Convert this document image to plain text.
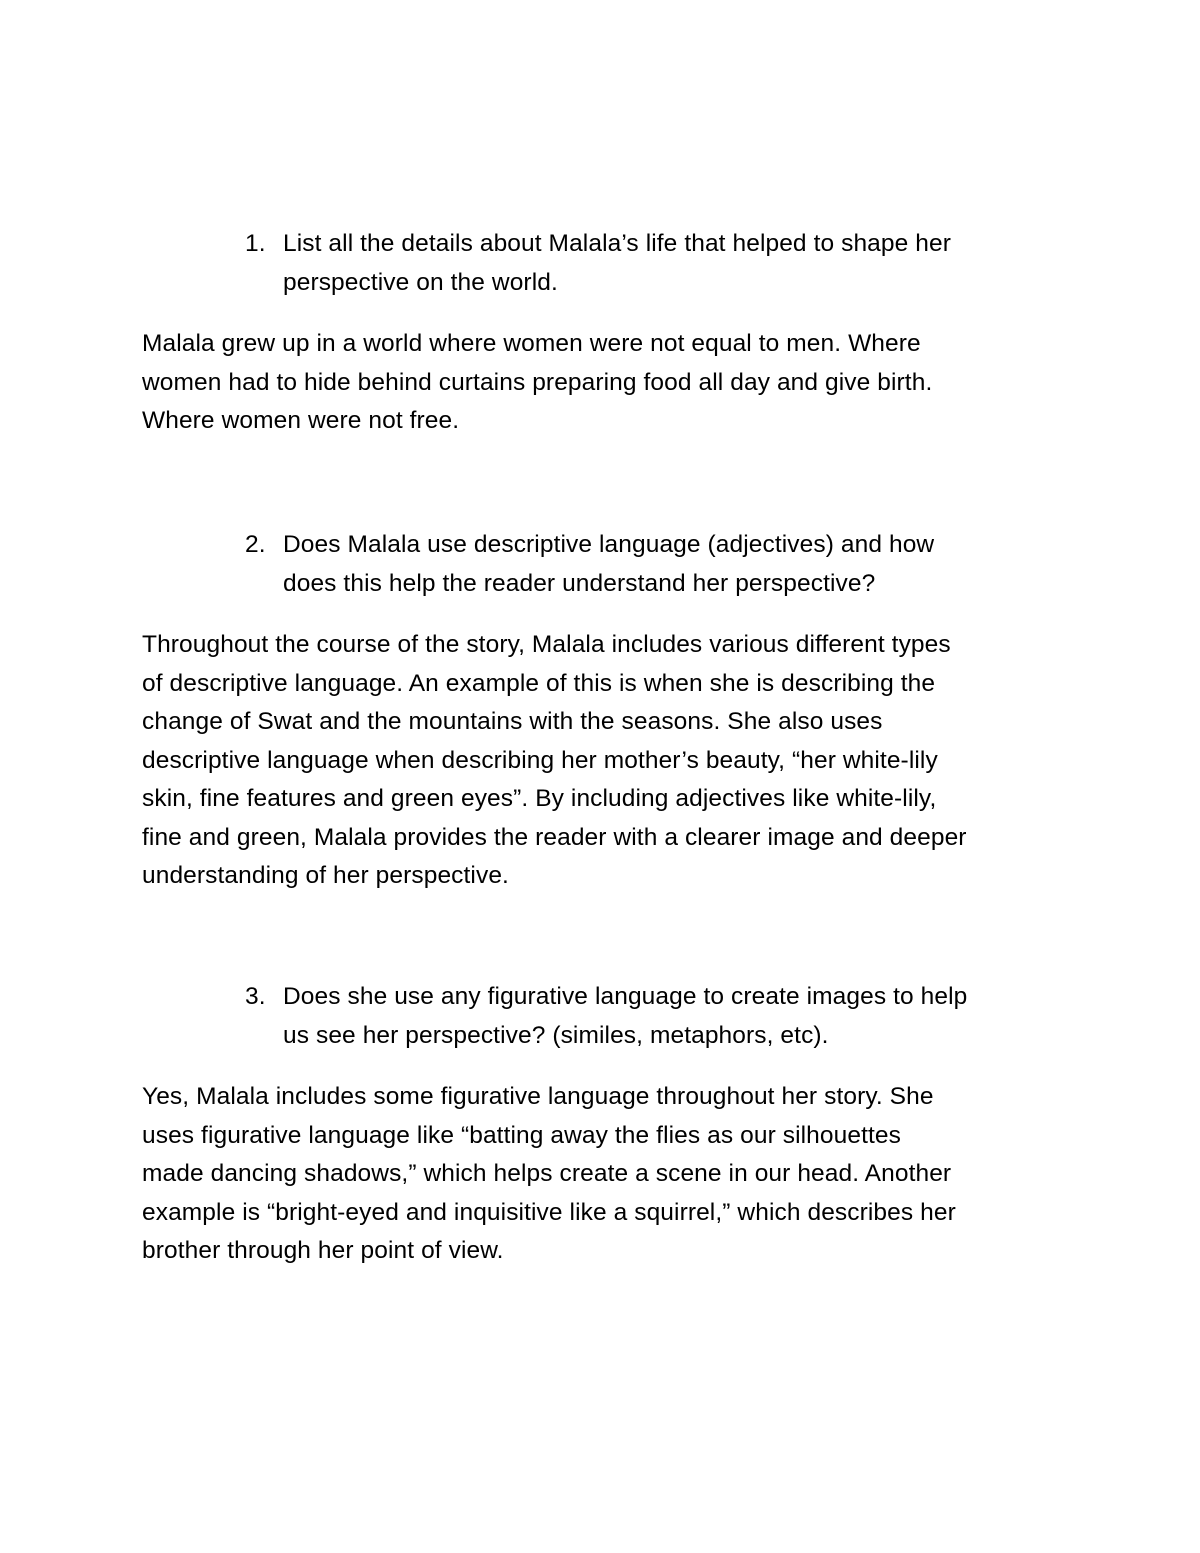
1. List all the details about Malala’s life that helped to shape her
perspective on the world.
Malala grew up in a world where women were not equal to men. Where
women had to hide behind curtains preparing food all day and give birth.
Where women were not free.
2. Does Malala use descriptive language (adjectives) and how
does this help the reader understand her perspective?
Throughout the course of the story, Malala includes various different types
of descriptive language. An example of this is when she is describing the
change of Swat and the mountains with the seasons. She also uses
descriptive language when describing her mother’s beauty, “her white-lily
skin, fine features and green eyes”. By including adjectives like white-lily,
fine and green, Malala provides the reader with a clearer image and deeper
understanding of her perspective.
3. Does she use any figurative language to create images to help
us see her perspective? (similes, metaphors, etc).
Yes, Malala includes some figurative language throughout her story. She
uses figurative language like “batting away the flies as our silhouettes
made dancing shadows,” which helps create a scene in our head. Another
example is “bright-eyed and inquisitive like a squirrel,” which describes her
brother through her point of view.
